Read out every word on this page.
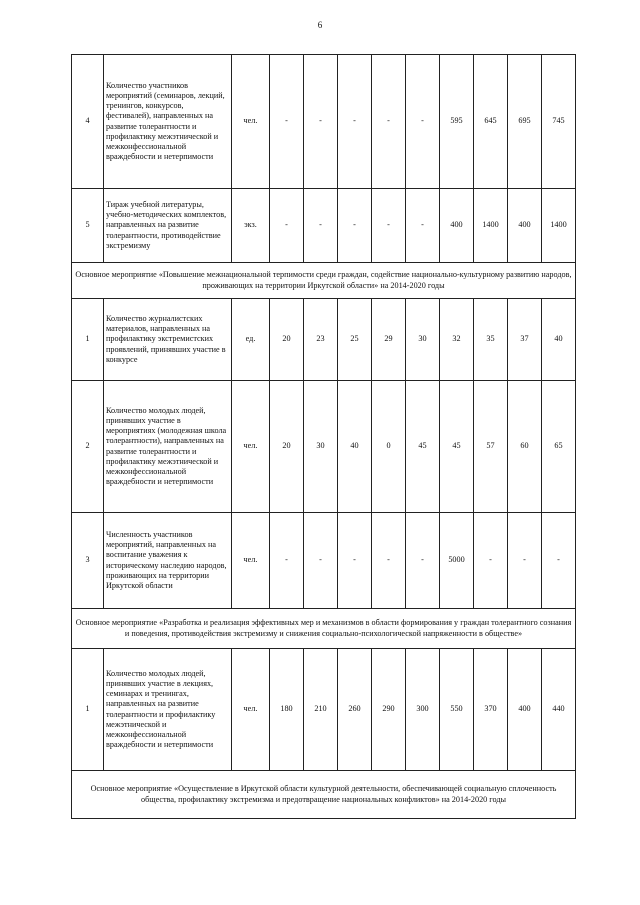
6
4	Количество участников мероприятий (семинаров, лекций, тренингов, конкурсов, фестивалей), направленных на развитие толерантности и профилактику межэтнической и межконфессиональной враждебности и нетерпимости	чел.	-	-	-	-	-	595	645	695	745
5	Тираж учебной литературы, учебно-методических комплектов, направленных на развитие толерантности, противодействие экстремизму	экз.	-	-	-	-	-	400	1400	400	1400
Основное мероприятие «Повышение межнациональной терпимости среди граждан, содействие национально-культурному развитию народов, проживающих на территории Иркутской области» на 2014-2020 годы											
1	Количество журналистских материалов, направленных на профилактику экстремистских проявлений, принявших участие в конкурсе	ед.	20	23	25	29	30	32	35	37	40
2	Количество молодых людей, принявших участие в мероприятиях (молодежная школа толерантности), направленных на развитие толерантности и профилактику межэтнической и межконфессиональной враждебности и нетерпимости	чел.	20	30	40	0	45	45	57	60	65
3	Численность участников мероприятий, направленных на воспитание уважения к историческому наследию народов, проживающих на территории Иркутской области	чел.	-	-	-	-	-	5000	-	-	-
Основное мероприятие «Разработка и реализация эффективных мер и механизмов в области формирования у граждан толерантного сознания и поведения, противодействия экстремизму и снижения социально-психологической напряженности в обществе»											
1	Количество молодых людей, принявших участие в лекциях, семинарах и тренингах, направленных на развитие толерантности и профилактику межэтнической и межконфессиональной враждебности и нетерпимости	чел.	180	210	260	290	300	550	370	400	440
Основное мероприятие «Осуществление в Иркутской области культурной деятельности, обеспечивающей социальную сплоченность общества, профилактику экстремизма и предотвращение национальных конфликтов» на 2014-2020 годы											
